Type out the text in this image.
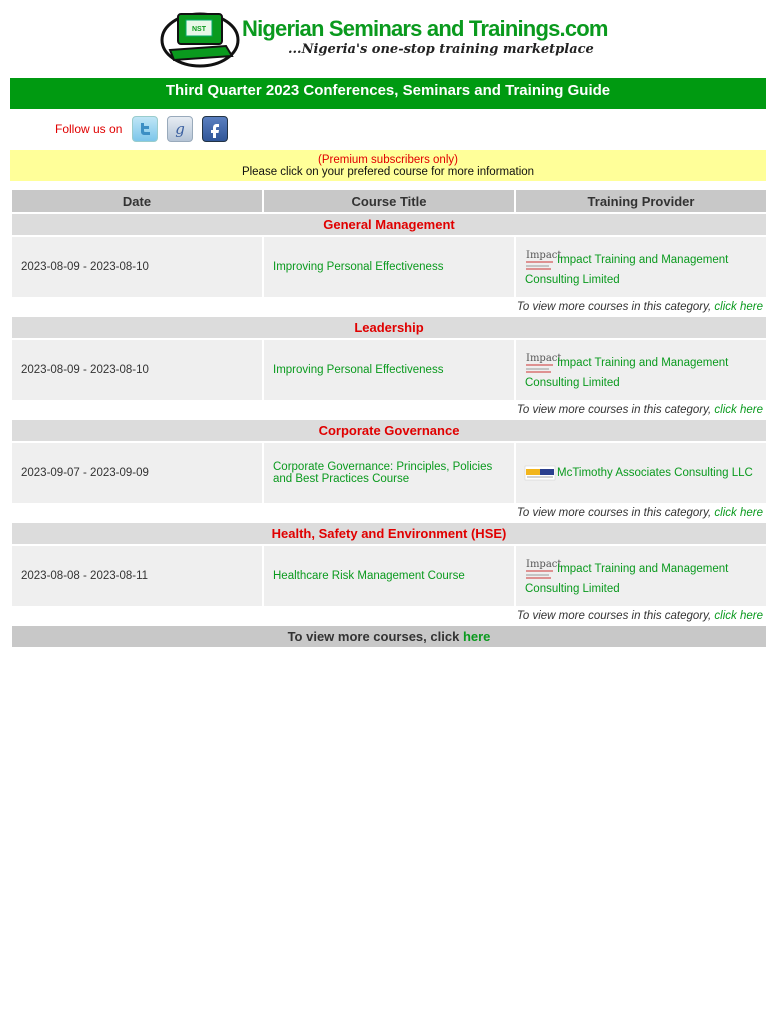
NST Nigerian Seminars and Trainings.com
...Nigeria's one-stop training marketplace
Third Quarter 2023 Conferences, Seminars and Training Guide
Follow us on	g
(Premium subscribers only)
Please click on your prefered course for more information
Date	Course Title	Training Provider
General Management		
2023-08-09 - 2023-08-10	Improving Personal Effectiveness	Impact
Impact Training and Management Consulting Limited
To view more courses in this category, click here		
Leadership		
2023-08-09 - 2023-08-10	Improving Personal Effectiveness	Impact
Impact Training and Management Consulting Limited
To view more courses in this category, click here		
Corporate Governance		
2023-09-07 - 2023-09-09	Corporate Governance: Principles, Policies and Best Practices Course	McTimothy Associates Consulting LLC
To view more courses in this category, click here		
Health, Safety and Environment (HSE)		
2023-08-08 - 2023-08-11	Healthcare Risk Management Course	Impact
Impact Training and Management Consulting Limited
To view more courses in this category, click here		
To view more courses, click here		
